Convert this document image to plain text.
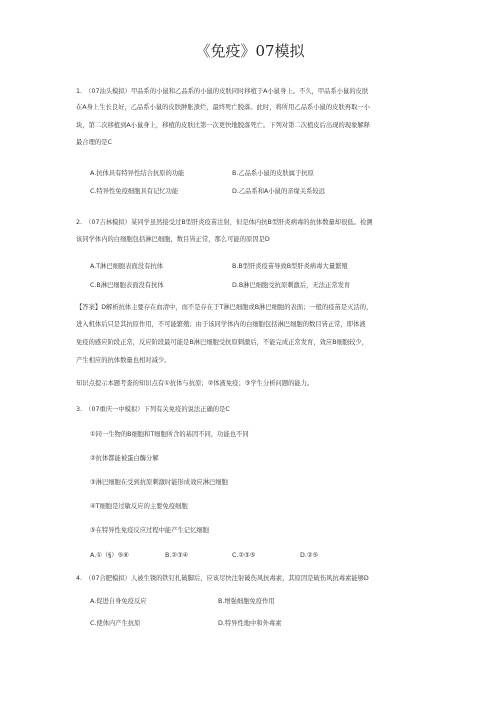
《免疫》07模拟
1.　（07汕头模拟）甲品系的小鼠和乙品系的小鼠的皮肤同时移植于A小鼠身上。不久，甲品系小鼠的皮肤
在A身上生长良好，乙品系小鼠的皮肤肿胀溃烂，最终死亡脱落。此时，将所用乙品系小鼠的皮肤再取一小
块，第二次移植到A小鼠身上，移植的皮肤比第一次更快地脱落死亡。下列对第二次植皮后出现的现象解释
最合理的是C
A.抗体具有特异性结合抗原的功能	B.乙品系小鼠的皮肤属于抗原
C.特异性免疫细胞具有记忆功能	D.乙品系和A小鼠的亲缘关系较远
2.　（07吉林模拟）某同学虽然接受过B型肝炎疫苗注射，但是体内抗B型肝炎病毒的抗体数量却很低。检测
该同学体内的白细胞包括淋巴细胞，数目皆正常，那么可能的原因是D
A.T淋巴细胞表面没有抗体	B.B型肝炎疫苗导致B型肝炎病毒大量繁殖
C.B淋巴细胞表面没有抗体	D.B淋巴细胞受抗原刺激后，无法正常发育
【答案】D解析抗体主要存在血清中，而不是存在于T淋巴细胞或B淋巴细胞的表面；一般的疫苗是灭活的，
进入机体后只是其抗原作用，不可能繁殖；由于该同学体内的白细胞包括淋巴细胞的数目皆正常，即体液
免疫的感应阶段正常，反应阶段最可能是B淋巴细胞受抗原刺激后，不能完成正常发育，效应B细胞较少，
产生相应的抗体数量也相对减少。
知识点提示本题考查的知识点有①抗体与抗原；②体液免疫；③学生分析问题的能力。
3.　（07重庆一中模拟）下列有关免疫的说法正确的是C
①同一生物的B细胞和T细胞所含的基因不同，功能也不同
②抗体都能被蛋白酶分解
③淋巴细胞在受到抗原刺激时能形成效应淋巴细胞
④T细胞是过敏反应的主要免疫细胞
⑤在特异性免疫反应过程中能产生记忆细胞
A.①（§）⑤⑥	B.②③④	C.②③⑤	D.②⑤
4.　（07合肥模拟）人被生锈的铁钉扎破脚后，应该尽快注射破伤风抗毒素，其原因是破伤风抗毒素能够D
A.促进自身免疫反应	B.增强细胞免疫作用
C.使体内产生抗原	D.特异性地中和外毒素
